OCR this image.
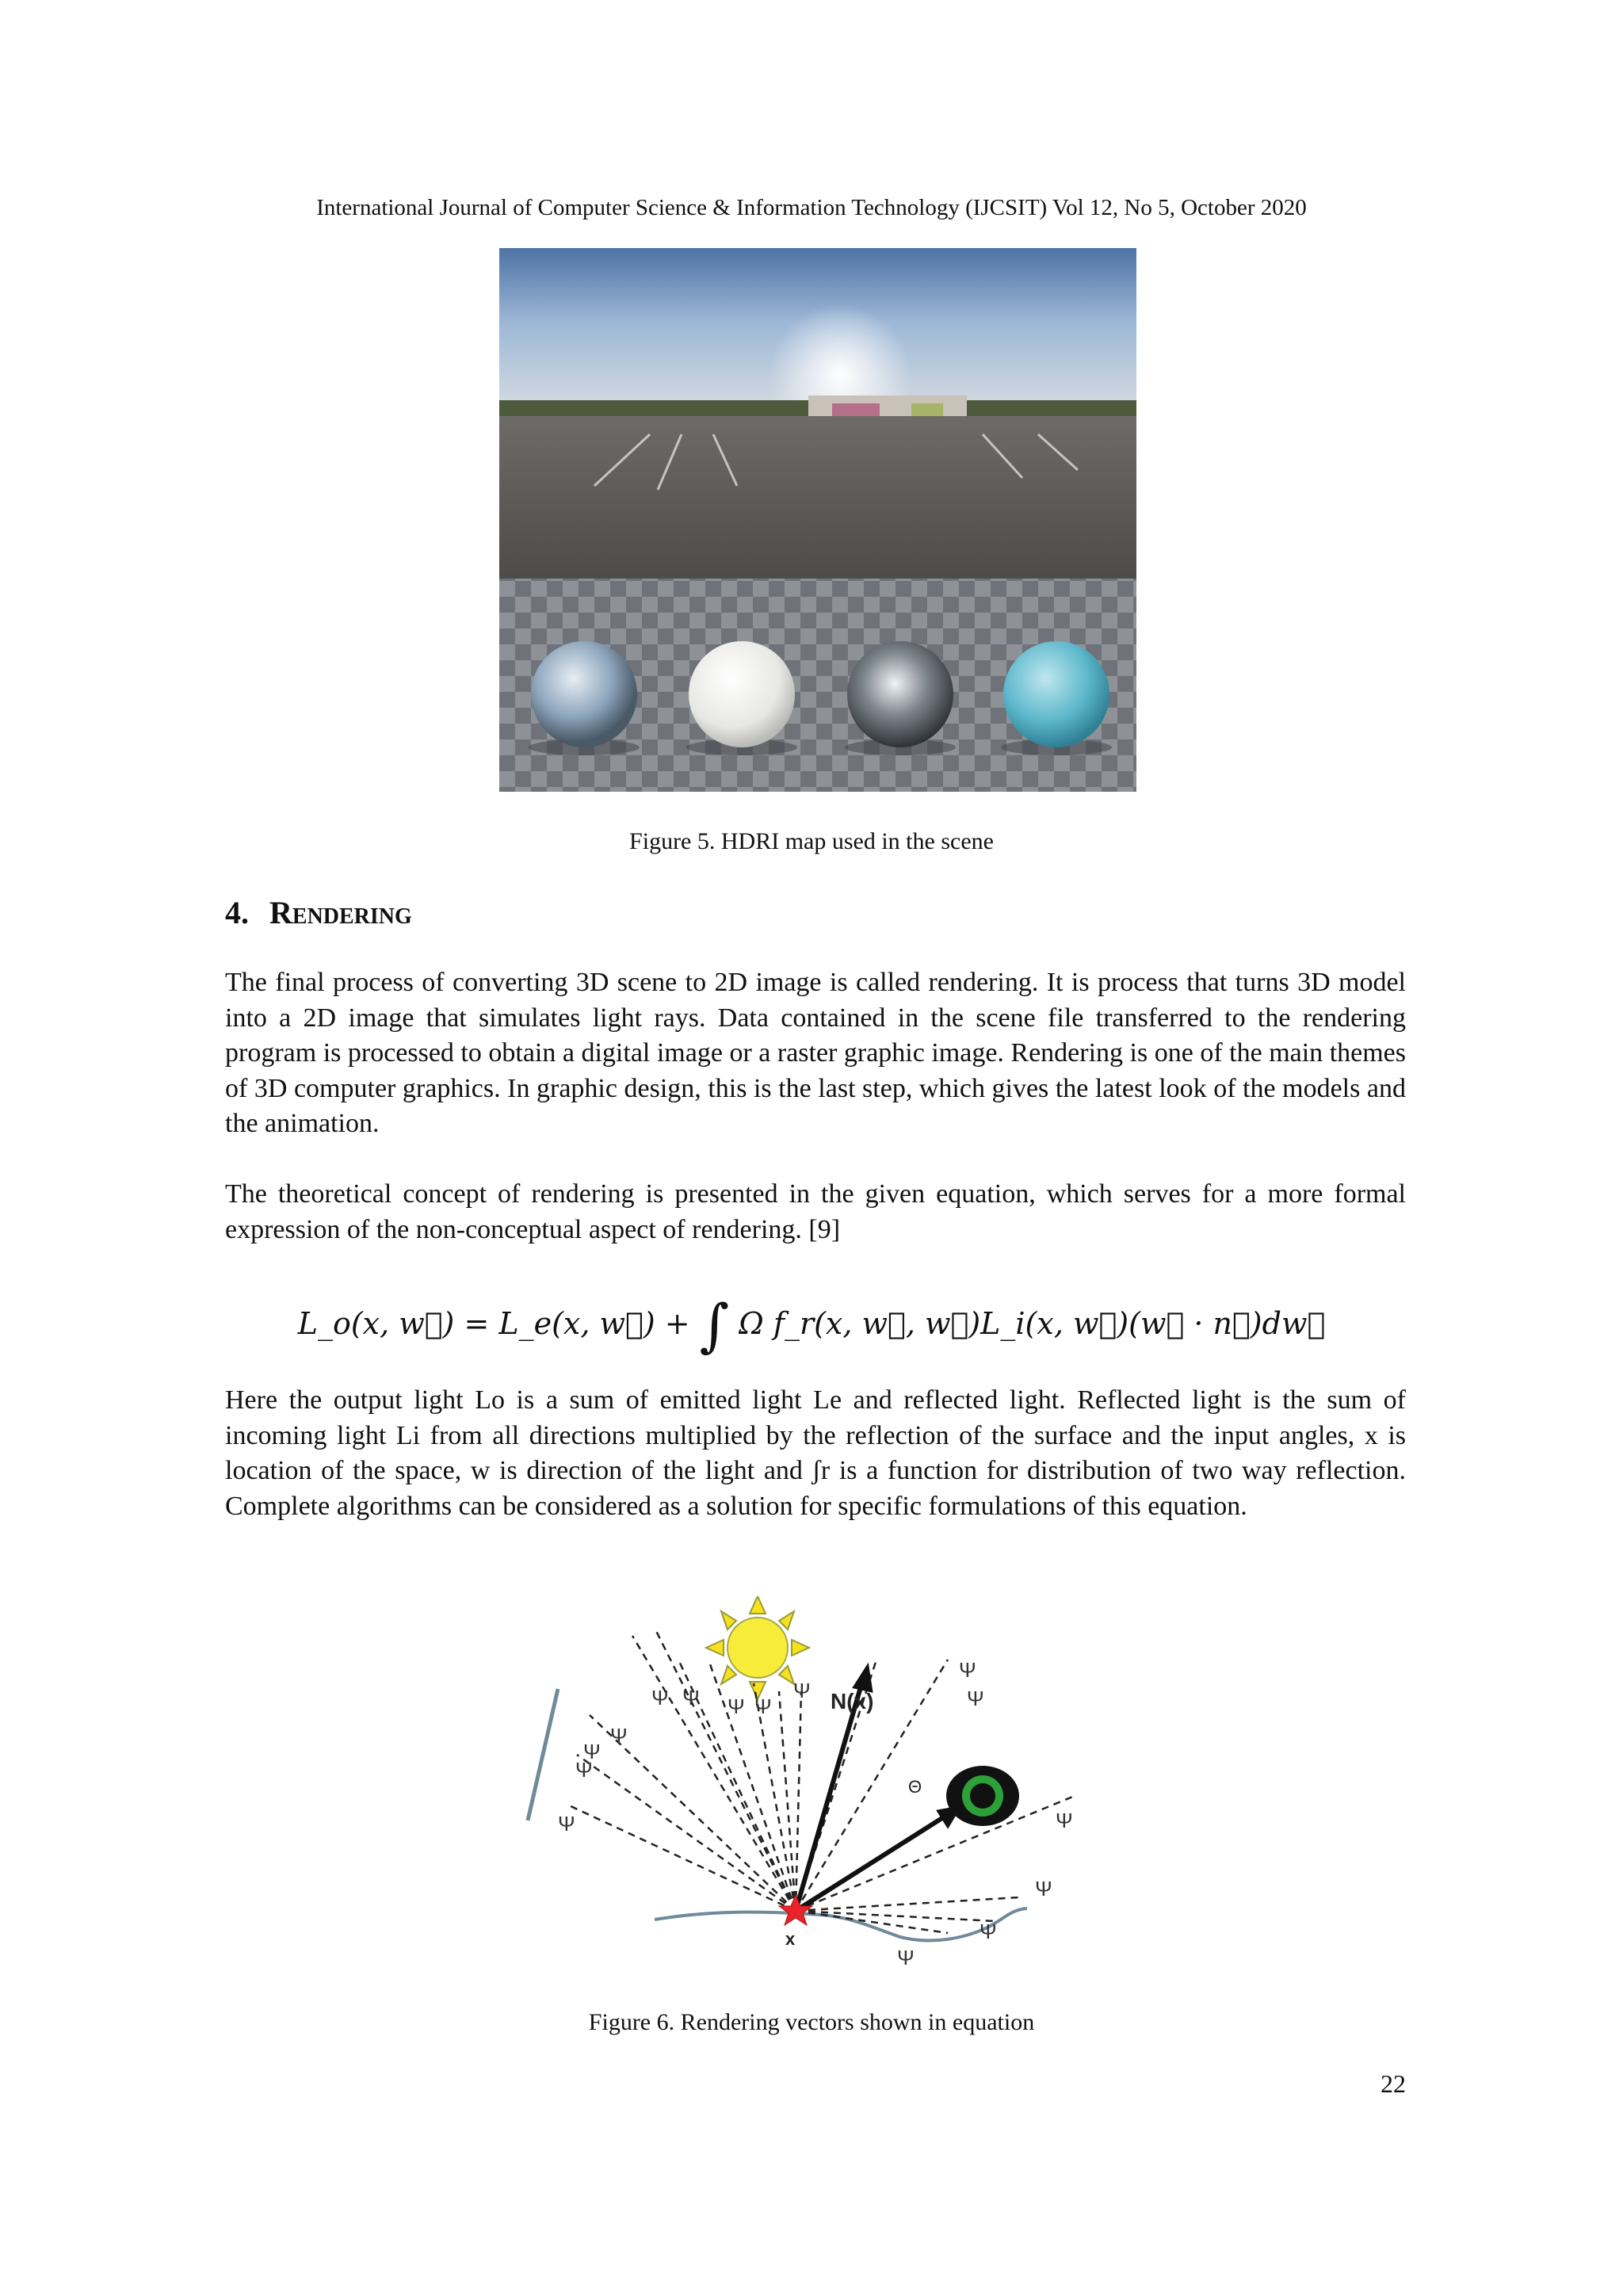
International Journal of Computer Science & Information Technology (IJCSIT) Vol 12, No 5, October 2020
Figure 5. HDRI map used in the scene
4. Rendering
The final process of converting 3D scene to 2D image is called rendering. It is process that turns 3D model into a 2D image that simulates light rays. Data contained in the scene file transferred to the rendering program is processed to obtain a digital image or a raster graphic image. Rendering is one of the main themes of 3D computer graphics. In graphic design, this is the last step, which gives the latest look of the models and the animation.
The theoretical concept of rendering is presented in the given equation, which serves for a more formal expression of the non-conceptual aspect of rendering. [9]
L_o(x, w⃗) = L_e(x, w⃗) + ∫ Ω f_r(x, w⃗, w⃗)L_i(x, w⃗)(w⃗ · n⃗)dw⃗
Here the output light Lo is a sum of emitted light Le and reflected light. Reflected light is the sum of incoming light Li from all directions multiplied by the reflection of the surface and the input angles, x is location of the space, w is direction of the light and ʃr is a function for distribution of two way reflection. Complete algorithms can be considered as a solution for specific formulations of this equation.
N(x)
Θ
x
Ψ Ψ Ψ Ψ
Ψ
Ψ
Ψ
Ψ
Ψ
Ψ
Ψ
Ψ
Ψ
Ψ
Ψ
Figure 6. Rendering vectors shown in equation
22
